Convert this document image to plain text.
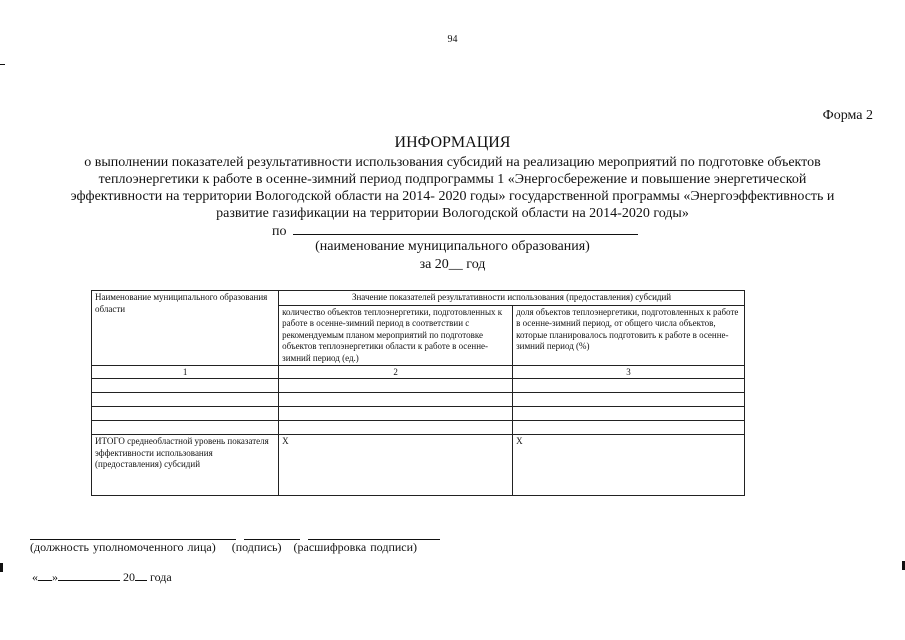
94
Форма 2
ИНФОРМАЦИЯ
о выполнении показателей результативности использования субсидий на реализацию мероприятий по подготовке объектов
теплоэнергетики к работе в осенне-зимний период подпрограммы 1 «Энергосбережение и повышение энергетической
эффективности на территории Вологодской области на 2014- 2020 годы» государственной программы «Энергоэффективность и
развитие газификации на территории Вологодской области на 2014-2020 годы»
по
(наименование муниципального образования)
за 20__ год
Наименование муниципального образования области	Значение показателей результативности использования (предоставления) субсидий	
	количество объектов теплоэнергетики, подготовленных к работе в осенне-зимний период в соответствии с рекомендуемым планом мероприятий по подготовке объектов теплоэнергетики области к работе в осенне-зимний период (ед.)	доля объектов теплоэнергетики, подготовленных к работе в осенне-зимний период, от общего числа объектов, которые планировалось подготовить к работе в осенне-зимний период (%)
1	2	3

ИТОГО среднеобластной уровень показателя эффективности использования (предоставления) субсидий	X	X
(должность уполномоченного лица) (подпись) (расшифровка подписи)
« »	20 года
